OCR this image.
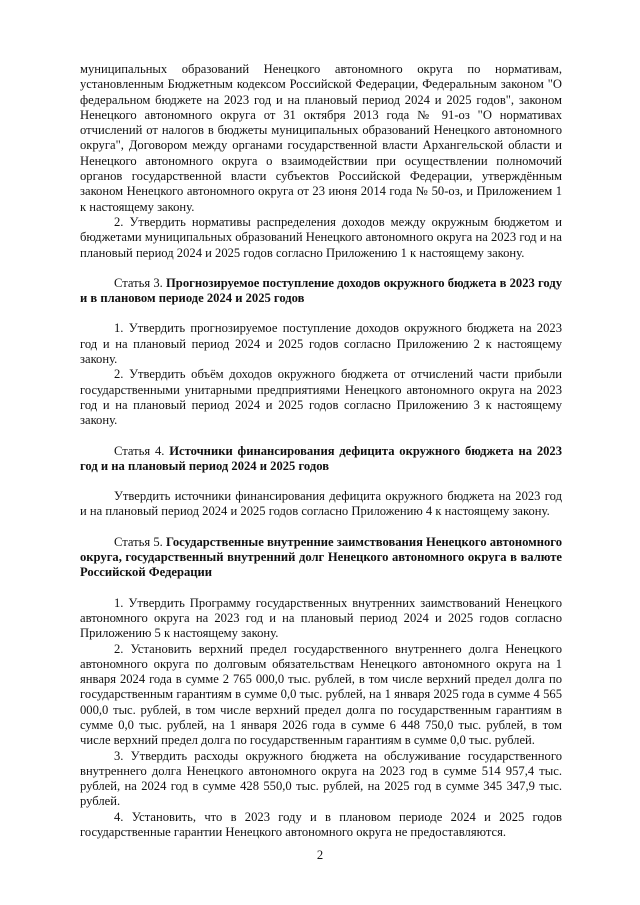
муниципальных образований Ненецкого автономного округа по нормативам, установленным Бюджетным кодексом Российской Федерации, Федеральным законом "О федеральном бюджете на 2023 год и на плановый период 2024 и 2025 годов", законом Ненецкого автономного округа от 31 октября 2013 года № 91-оз "О нормативах отчислений от налогов в бюджеты муниципальных образований Ненецкого автономного округа", Договором между органами государственной власти Архангельской области и Ненецкого автономного округа о взаимодействии при осуществлении полномочий органов государственной власти субъектов Российской Федерации, утверждённым законом Ненецкого автономного округа от 23 июня 2014 года № 50-оз, и Приложением 1 к настоящему закону.

2. Утвердить нормативы распределения доходов между окружным бюджетом и бюджетами муниципальных образований Ненецкого автономного округа на 2023 год и на плановый период 2024 и 2025 годов согласно Приложению 1 к настоящему закону.

Статья 3. Прогнозируемое поступление доходов окружного бюджета в 2023 году и в плановом периоде 2024 и 2025 годов

1. Утвердить прогнозируемое поступление доходов окружного бюджета на 2023 год и на плановый период 2024 и 2025 годов согласно Приложению 2 к настоящему закону.

2. Утвердить объём доходов окружного бюджета от отчислений части прибыли государственными унитарными предприятиями Ненецкого автономного округа на 2023 год и на плановый период 2024 и 2025 годов согласно Приложению 3 к настоящему закону.

Статья 4. Источники финансирования дефицита окружного бюджета на 2023 год и на плановый период 2024 и 2025 годов

Утвердить источники финансирования дефицита окружного бюджета на 2023 год и на плановый период 2024 и 2025 годов согласно Приложению 4 к настоящему закону.

Статья 5. Государственные внутренние заимствования Ненецкого автономного округа, государственный внутренний долг Ненецкого автономного округа в валюте Российской Федерации

1. Утвердить Программу государственных внутренних заимствований Ненецкого автономного округа на 2023 год и на плановый период 2024 и 2025 годов согласно Приложению 5 к настоящему закону.

2. Установить верхний предел государственного внутреннего долга Ненецкого автономного округа по долговым обязательствам Ненецкого автономного округа на 1 января 2024 года в сумме 2 765 000,0 тыс. рублей, в том числе верхний предел долга по государственным гарантиям в сумме 0,0 тыс. рублей, на 1 января 2025 года в сумме 4 565 000,0 тыс. рублей, в том числе верхний предел долга по государственным гарантиям в сумме 0,0 тыс. рублей, на 1 января 2026 года в сумме 6 448 750,0 тыс. рублей, в том числе верхний предел долга по государственным гарантиям в сумме 0,0 тыс. рублей.

3. Утвердить расходы окружного бюджета на обслуживание государственного внутреннего долга Ненецкого автономного округа на 2023 год в сумме 514 957,4 тыс. рублей, на 2024 год в сумме 428 550,0 тыс. рублей, на 2025 год в сумме 345 347,9 тыс. рублей.

4. Установить, что в 2023 году и в плановом периоде 2024 и 2025 годов государственные гарантии Ненецкого автономного округа не предоставляются.

2
